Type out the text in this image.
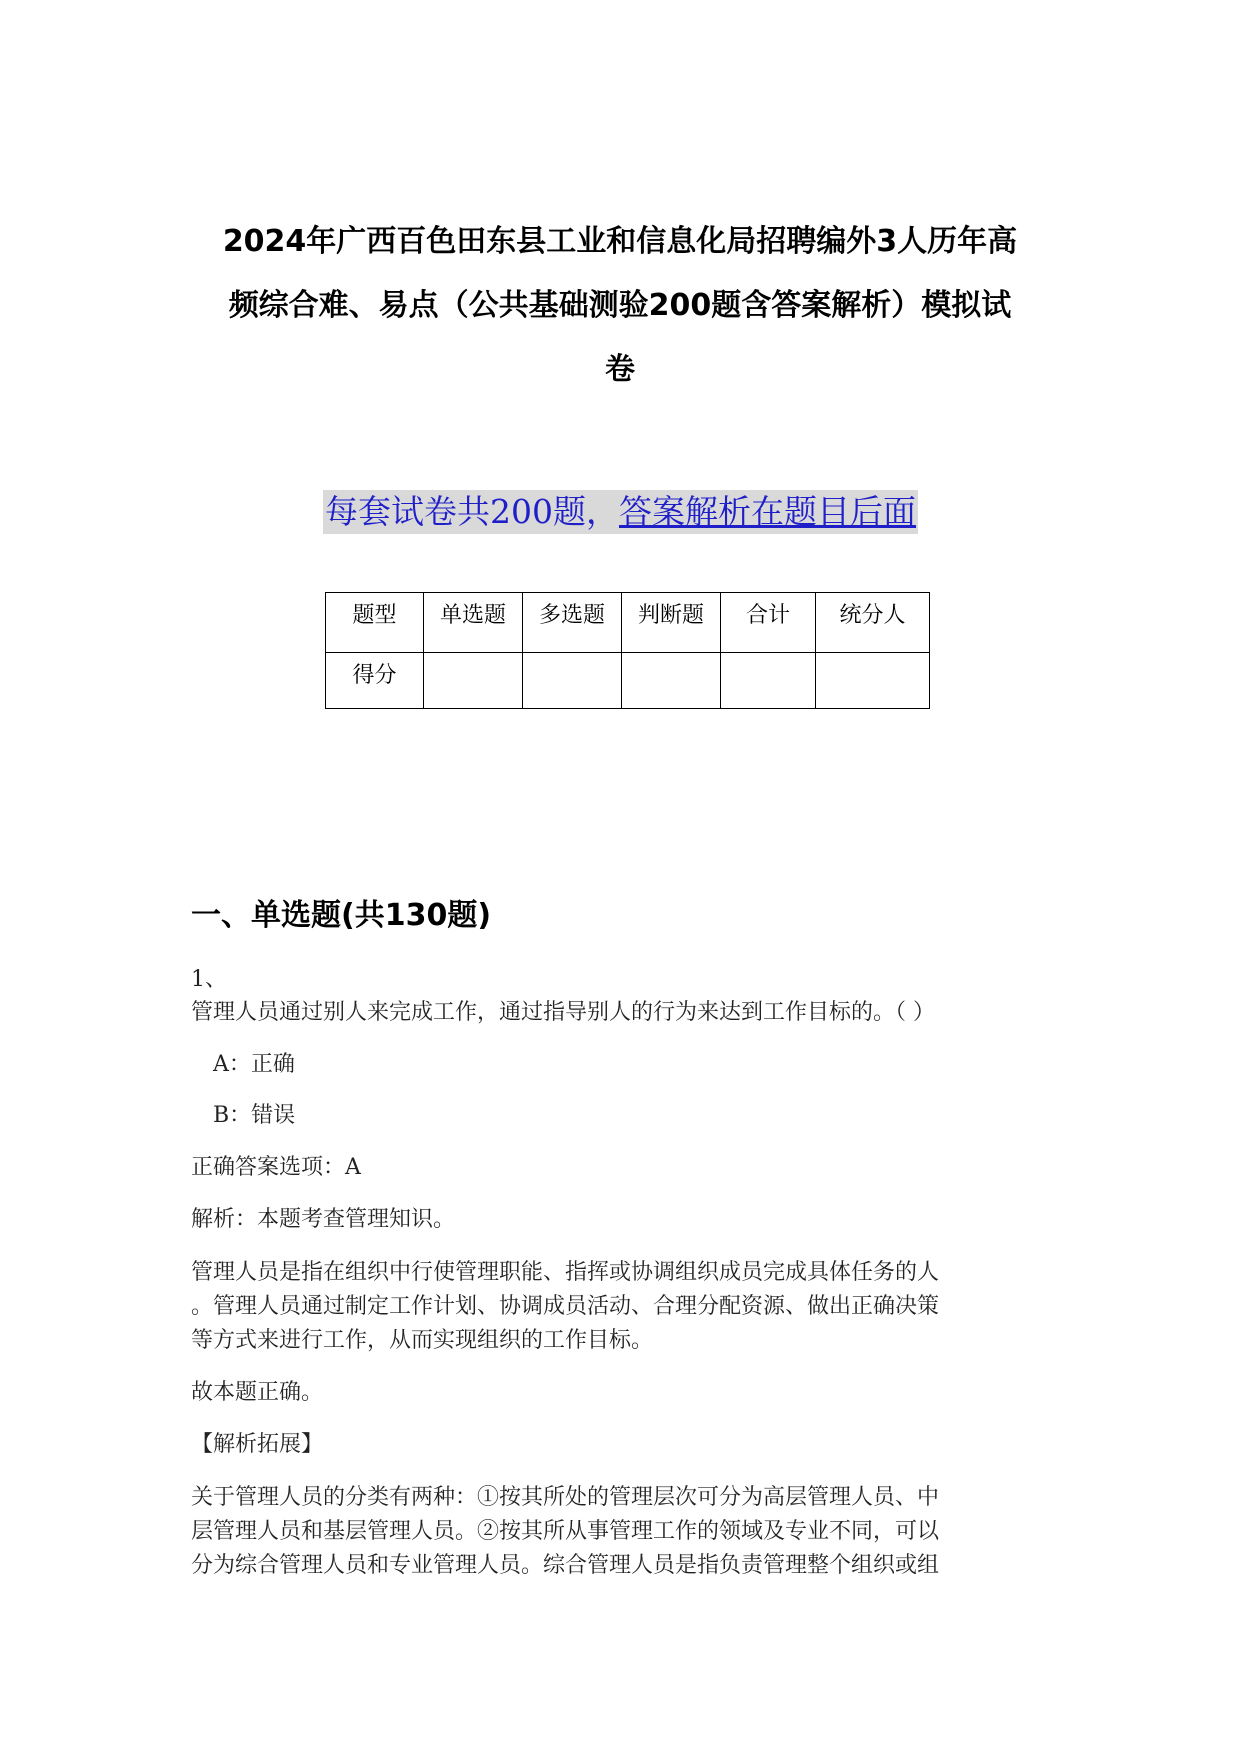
2024年广西百色田东县工业和信息化局招聘编外3人历年高
频综合难、易点（公共基础测验200题含答案解析）模拟试
卷
每套试卷共200题，答案解析在题目后面
题型	单选题	多选题	判断题	合计	统分人
得分					
一、单选题(共130题)
1、
管理人员通过别人来完成工作，通过指导别人的行为来达到工作目标的。（ ）
A：正确
B：错误
正确答案选项：A
解析：本题考查管理知识。
管理人员是指在组织中行使管理职能、指挥或协调组织成员完成具体任务的人
。管理人员通过制定工作计划、协调成员活动、合理分配资源、做出正确决策
等方式来进行工作，从而实现组织的工作目标。
故本题正确。
【解析拓展】
关于管理人员的分类有两种：①按其所处的管理层次可分为高层管理人员、中
层管理人员和基层管理人员。②按其所从事管理工作的领域及专业不同，可以
分为综合管理人员和专业管理人员。综合管理人员是指负责管理整个组织或组
